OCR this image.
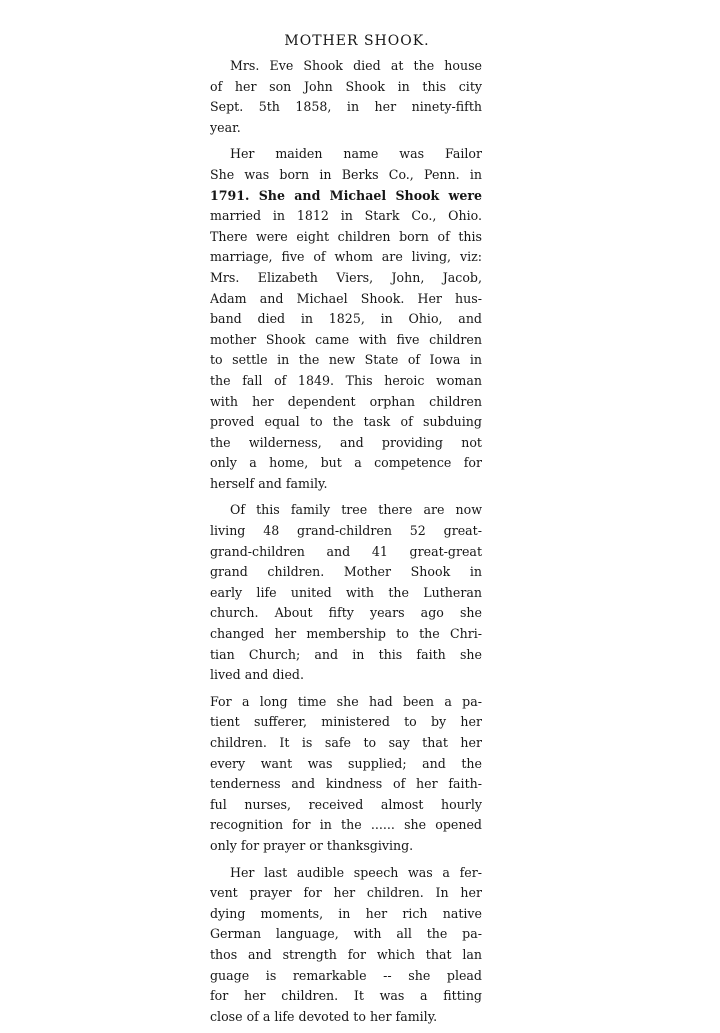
MOTHER SHOOK.
Mrs. Eve Shook died at the house
of her son John Shook in this city
Sept. 5th 1858, in her ninety-fifth
year.
Her maiden name was Failor
She was born in Berks Co., Penn. in
1791. She and Michael Shook were
married in 1812 in Stark Co., Ohio.
There were eight children born of this
marriage, five of whom are living, viz:
Mrs. Elizabeth Viers, John, Jacob,
Adam and Michael Shook. Her hus-
band died in 1825, in Ohio, and
mother Shook came with five children
to settle in the new State of Iowa in
the fall of 1849. This heroic woman
with her dependent orphan children
proved equal to the task of subduing
the wilderness, and providing not
only a home, but a competence for
herself and family.
Of this family tree there are now
living 48 grand-children 52 great-
grand-children and 41 great-great
grand children. Mother Shook in
early life united with the Lutheran
church. About fifty years ago she
changed her membership to the Chri-
tian Church; and in this faith she
lived and died.
For a long time she had been a pa-
tient sufferer, ministered to by her
children. It is safe to say that her
every want was supplied; and the
tenderness and kindness of her faith-
ful nurses, received almost hourly
recognition for in the ...... she opened
only for prayer or thanksgiving.
Her last audible speech was a fer-
vent prayer for her children. In her
dying moments, in her rich native
German language, with all the pa-
thos and strength for which that lan
guage is remarkable -- she plead
for her children. It was a fitting
close of a life devoted to her family.
